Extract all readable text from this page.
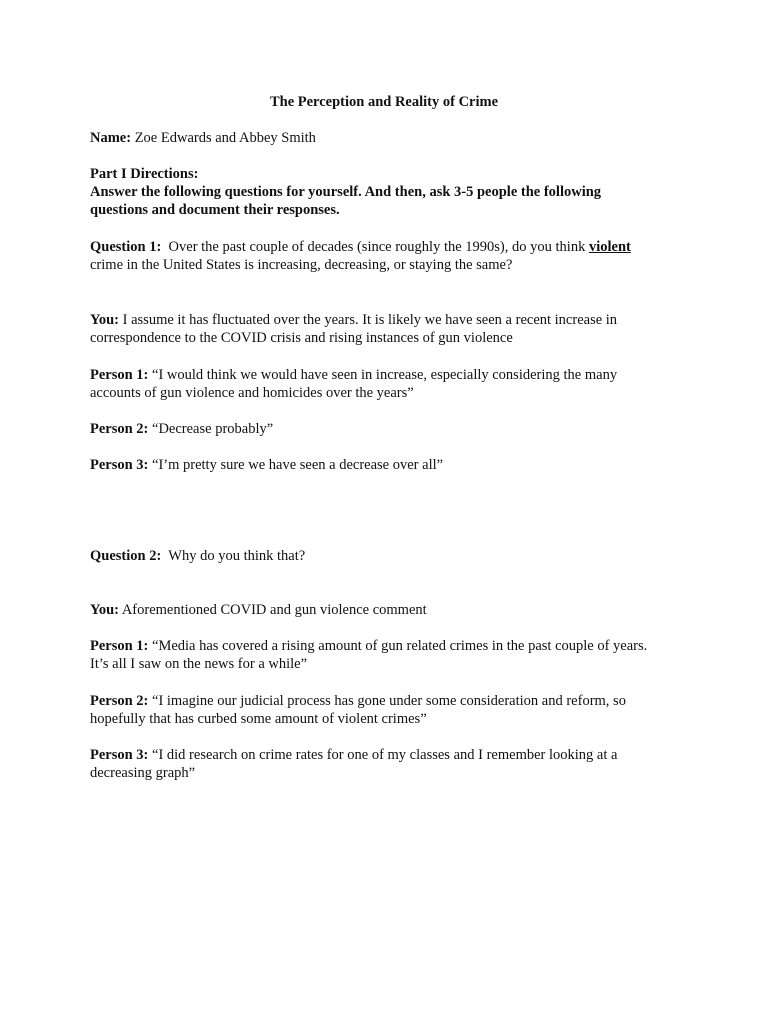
The Perception and Reality of Crime
Name: Zoe Edwards and Abbey Smith
Part I Directions:
Answer the following questions for yourself. And then, ask 3-5 people the following
questions and document their responses.
Question 1:  Over the past couple of decades (since roughly the 1990s), do you think violent
crime in the United States is increasing, decreasing, or staying the same?
You: I assume it has fluctuated over the years. It is likely we have seen a recent increase in
correspondence to the COVID crisis and rising instances of gun violence
Person 1: “I would think we would have seen in increase, especially considering the many
accounts of gun violence and homicides over the years”
Person 2: “Decrease probably”
Person 3: “I’m pretty sure we have seen a decrease over all”
Question 2:  Why do you think that?
You: Aforementioned COVID and gun violence comment
Person 1: “Media has covered a rising amount of gun related crimes in the past couple of years.
It’s all I saw on the news for a while”
Person 2: “I imagine our judicial process has gone under some consideration and reform, so
hopefully that has curbed some amount of violent crimes”
Person 3: “I did research on crime rates for one of my classes and I remember looking at a
decreasing graph”
